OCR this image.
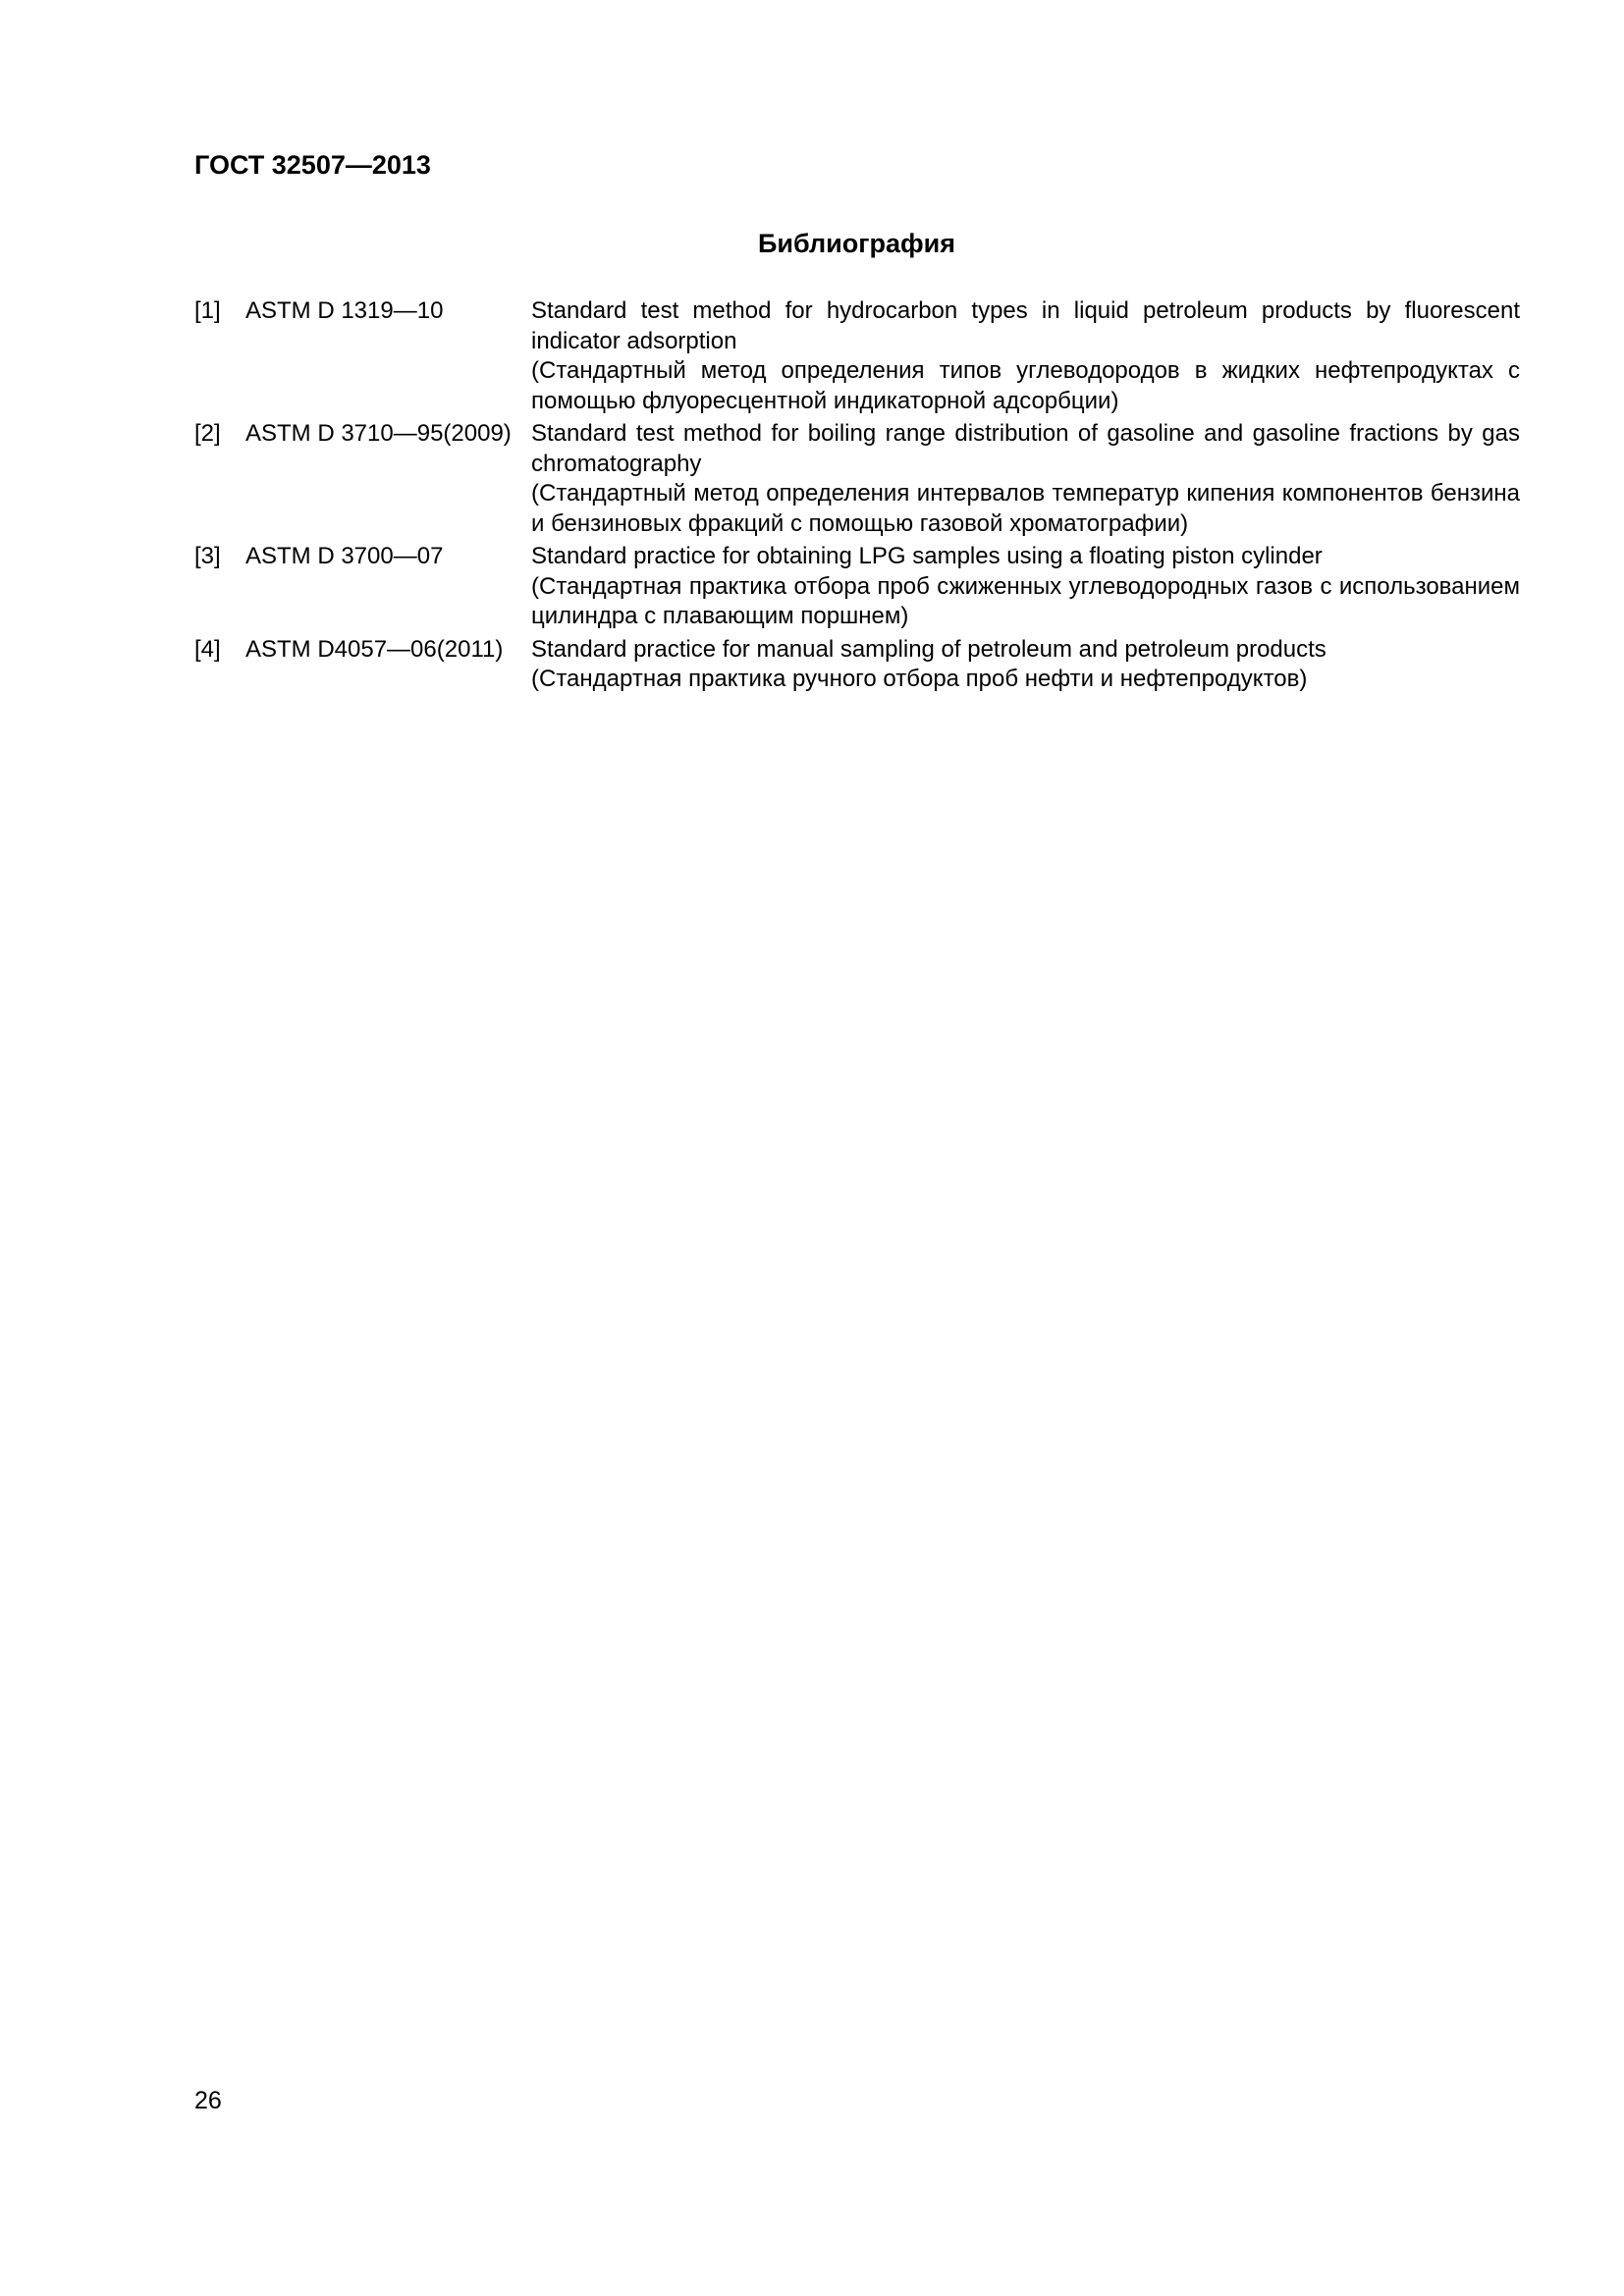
ГОСТ 32507—2013
Библиография
[1] ASTM D 1319—10	Standard test method for hydrocarbon types in liquid petroleum products by fluorescent indicator adsorption
(Стандартный метод определения типов углеводородов в жидких нефтепродуктах с помощью флуоресцентной индикаторной адсорбции)
[2] ASTM D 3710—95(2009) Standard test method for boiling range distribution of gasoline and gasoline fractions by gas chromatography
(Стандартный метод определения интервалов температур кипения компонентов бензина и бензиновых фракций с помощью газовой хроматографии)
[3] ASTM D 3700—07	Standard practice for obtaining LPG samples using a floating piston cylinder
(Стандартная практика отбора проб сжиженных углеводородных газов с использованием цилиндра с плавающим поршнем)
[4] ASTM D4057—06(2011) Standard practice for manual sampling of petroleum and petroleum products
(Стандартная практика ручного отбора проб нефти и нефтепродуктов)
26
